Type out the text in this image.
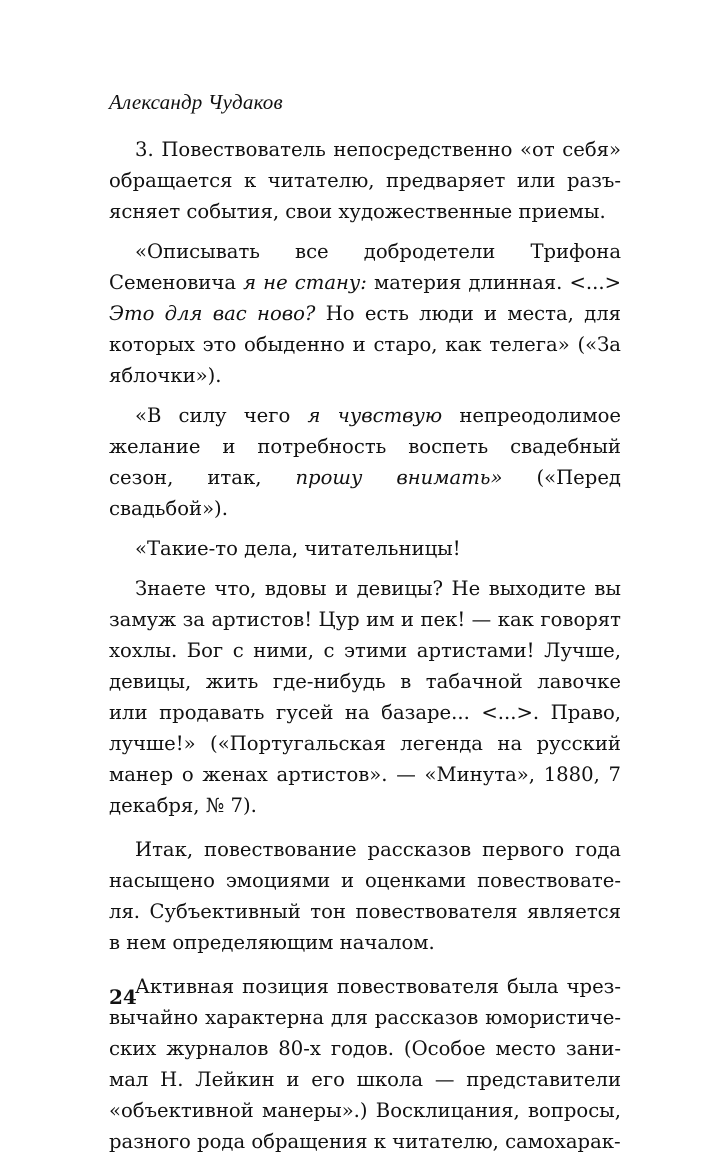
Александр Чудаков

3. Повествователь непосредственно «от себя» обращается к читателю, предваряет или разъясняет события, свои художественные приемы.

«Описывать все добродетели Трифона Семеновича я не стану: материя длинная. <...> Это для вас ново? Но есть люди и места, для которых это обыденно и старо, как телега» («За яблочки»).

«В силу чего я чувствую непреодолимое желание и потребность воспеть свадебный сезон, итак, прошу внимать» («Перед свадьбой»).

«Такие-то дела, читательницы!

Знаете что, вдовы и девицы? Не выходите вы замуж за артистов! Цур им и пек! — как говорят хохлы. Бог с ними, с этими артистами! Лучше, девицы, жить где-нибудь в табачной лавочке или продавать гусей на базаре... <...>. Право, лучше!» («Португальская легенда на русский манер о женах артистов». — «Минута», 1880, 7 декабря, № 7).

Итак, повествование рассказов первого года насыщено эмоциями и оценками повествователя. Субъективный тон повествователя является в нем определяющим началом.

Активная позиция повествователя была чрезвычайно характерна для рассказов юмористических журналов 80-х годов. (Особое место занимал Н. Лейкин и его школа — представители «объективной манеры».) Восклицания, вопросы, разного рода обращения к читателю, самохарак-

24
